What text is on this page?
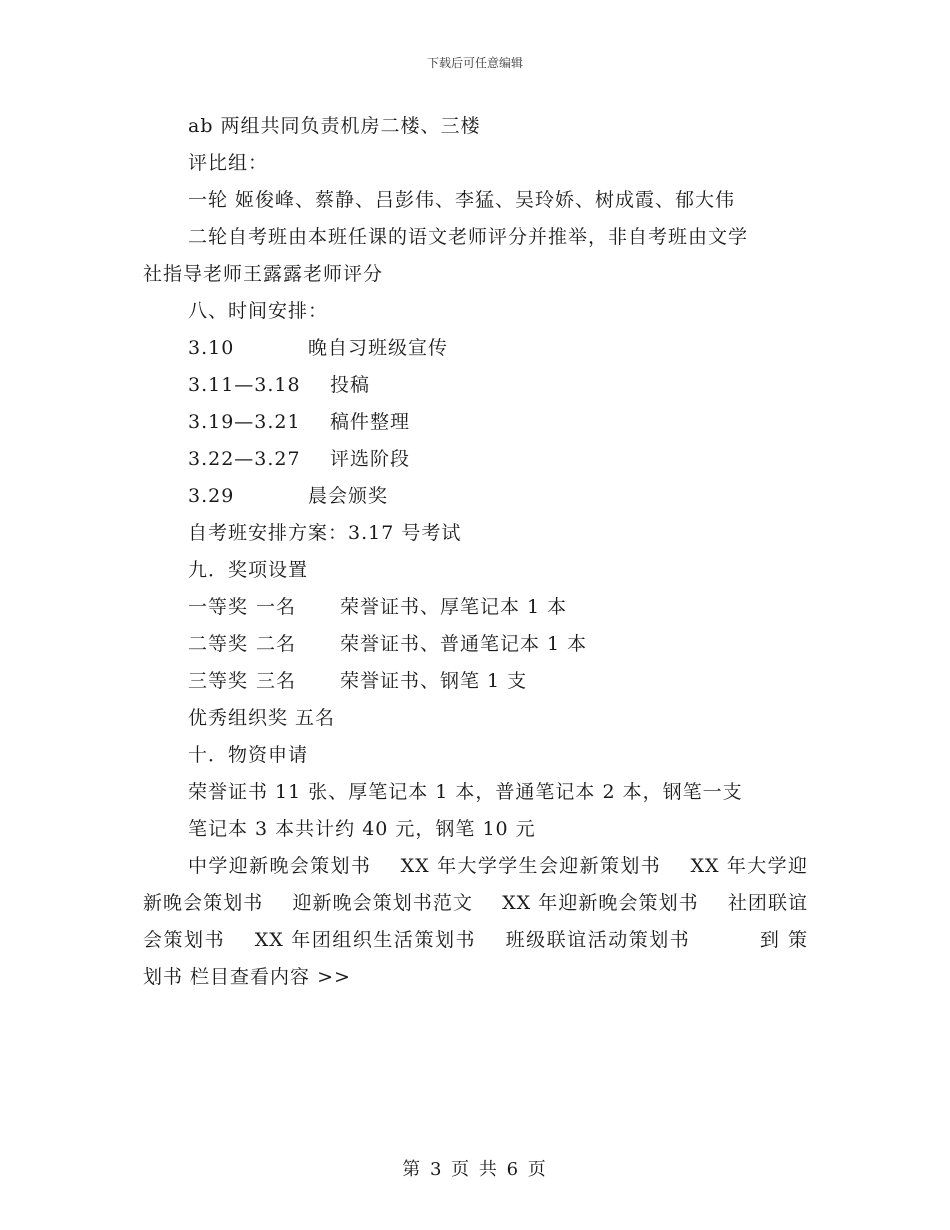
下载后可任意编辑
ab 两组共同负责机房二楼、三楼
评比组：
一轮 姬俊峰、蔡静、吕彭伟、李猛、吴玲娇、树成霞、郁大伟
二轮自考班由本班任课的语文老师评分并推举，非自考班由文学
社指导老师王露露老师评分
八、时间安排：
3.10	晚自习班级宣传
3.11—3.18	投稿
3.19—3.21	稿件整理
3.22—3.27	评选阶段
3.29	晨会颁奖
自考班安排方案：3.17 号考试
九．奖项设置
一等奖 一名	荣誉证书、厚笔记本 1 本
二等奖 二名	荣誉证书、普通笔记本 1 本
三等奖 三名	荣誉证书、钢笔 1 支
优秀组织奖 五名
十．物资申请
荣誉证书 11 张、厚笔记本 1 本，普通笔记本 2 本，钢笔一支
笔记本 3 本共计约 40 元，钢笔 10 元
中学迎新晚会策划书 XX 年大学学生会迎新策划书 XX 年大学迎新晚会策划书 迎新晚会策划书范文 XX 年迎新晚会策划书 社团联谊会策划书 XX 年团组织生活策划书 班级联谊活动策划书	到 策划书 栏目查看内容 >>
第 3 页 共 6 页
